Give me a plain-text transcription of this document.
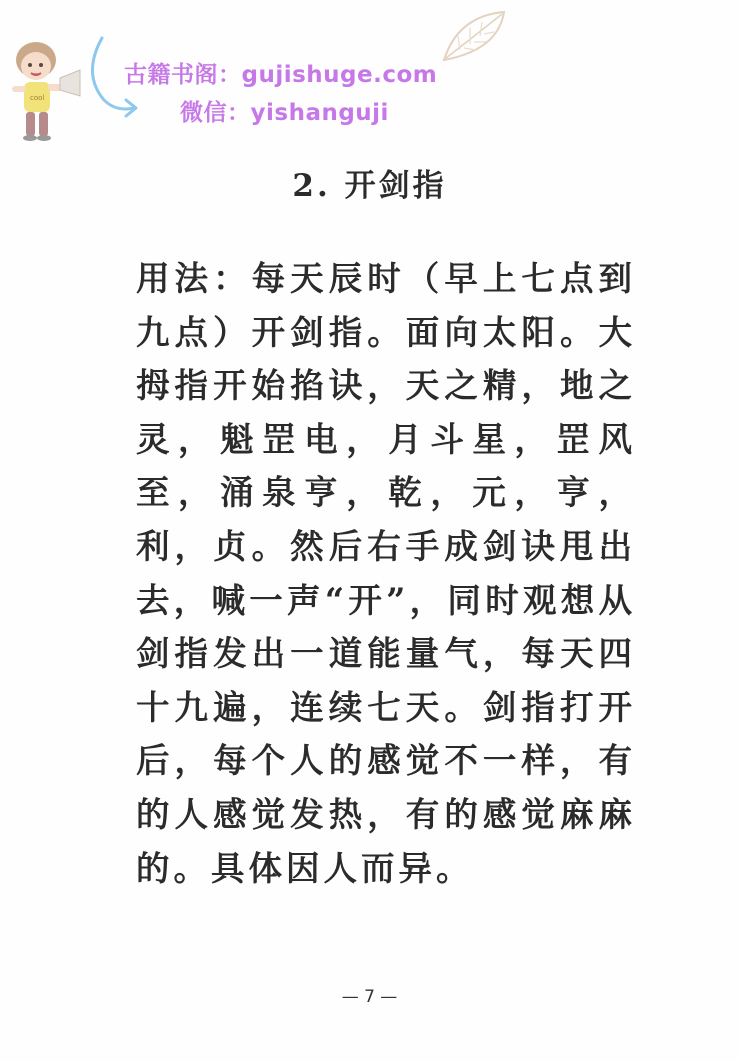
cool
古籍书阁：gujishuge.com
微信：yishanguji
2. 开剑指
用法：每天辰时（早上七点到九点）开剑指。面向太阳。大拇指开始掐诀，天之精，地之灵，魁罡电，月斗星，罡风至，涌泉亨，乾，元，亨，利，贞。然后右手成剑诀甩出去，喊一声“开”，同时观想从剑指发出一道能量气，每天四十九遍，连续七天。剑指打开后，每个人的感觉不一样，有的人感觉发热，有的感觉麻麻的。具体因人而异。
— 7 —
